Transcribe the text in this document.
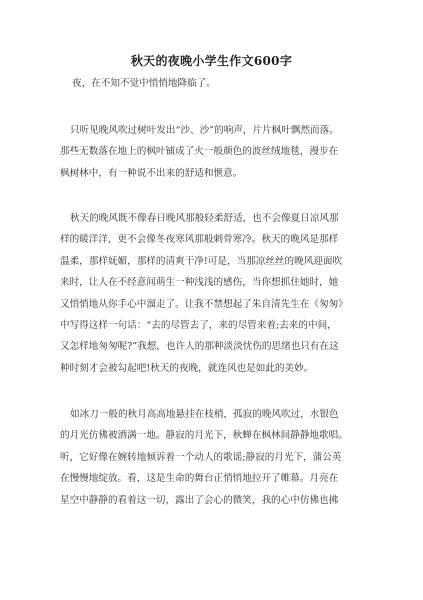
秋天的夜晚小学生作文600字

夜，在不知不觉中悄悄地降临了。

只听见晚风吹过树叶发出“沙、沙”的响声，片片枫叶飘然而落。
那些无数落在地上的枫叶铺成了火一般颜色的波丝绒地毯，漫步在
枫树林中，有一种说不出来的舒适和惬意。

秋天的晚风既不像春日晚风那般轻柔舒适，也不会像夏日凉风那
样的暖洋洋，更不会像冬夜寒风那般刺骨寒冷。秋天的晚风是那样
温柔，那样妩媚，那样的清爽干净!可是，当那凉丝丝的晚风迎面吹
来时，让人在不经意间萌生一种浅浅的感伤，当你想抓住她时，她
又悄悄地从你手心中溜走了。让我不禁想起了朱自清先生在《匆匆》
中写得这样一句话：“去的尽管去了，来的尽管来着;去来的中间，
又怎样地匆匆呢?”我想，也许人的那种淡淡忧伤的思绪也只有在这
种时刻才会被勾起吧!秋天的夜晚，就连风也是如此的美妙。

如冰刀一般的秋月高高地悬挂在枝梢，孤寂的晚风吹过，水银色
的月光仿佛被洒满一地。静寂的月光下，秋蝉在枫林间静静地歌唱。
听，它好像在婉转地倾诉着一个动人的歌谣;静寂的月光下，蒲公英
在慢慢地绽放。看，这是生命的舞台正悄悄地拉开了帷幕。月亮在
星空中静静的看着这一切，露出了会心的微笑，我的心中仿佛也拂
